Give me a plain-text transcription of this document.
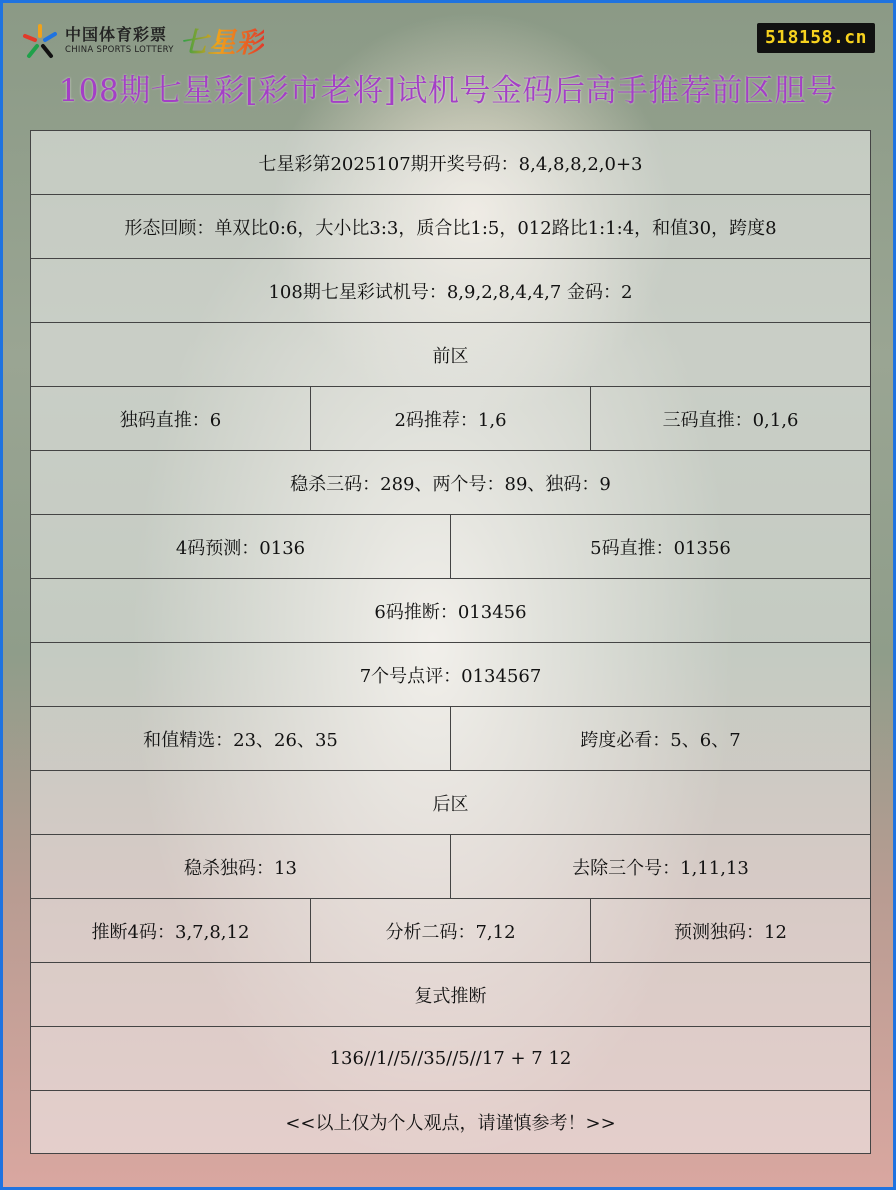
中国体育彩票
CHINA SPORTS LOTTERY 七星彩	518158.cn
108期七星彩[彩市老将]试机号金码后高手推荐前区胆号
七星彩第2025107期开奖号码：8,4,8,8,2,0+3
形态回顾：单双比0:6，大小比3:3，质合比1:5，012路比1:1:4，和值30，跨度8
108期七星彩试机号：8,9,2,8,4,4,7 金码：2
前区
独码直推：6	2码推荐：1,6	三码直推：0,1,6
稳杀三码：289、两个号：89、独码：9
4码预测：0136	5码直推：01356
6码推断：013456
7个号点评：0134567
和值精选：23、26、35	跨度必看：5、6、7
后区
稳杀独码：13	去除三个号：1,11,13
推断4码：3,7,8,12	分析二码：7,12	预测独码：12
复式推断
136//1//5//35//5//17 + 7 12
<<以上仅为个人观点，请谨慎参考！>>
